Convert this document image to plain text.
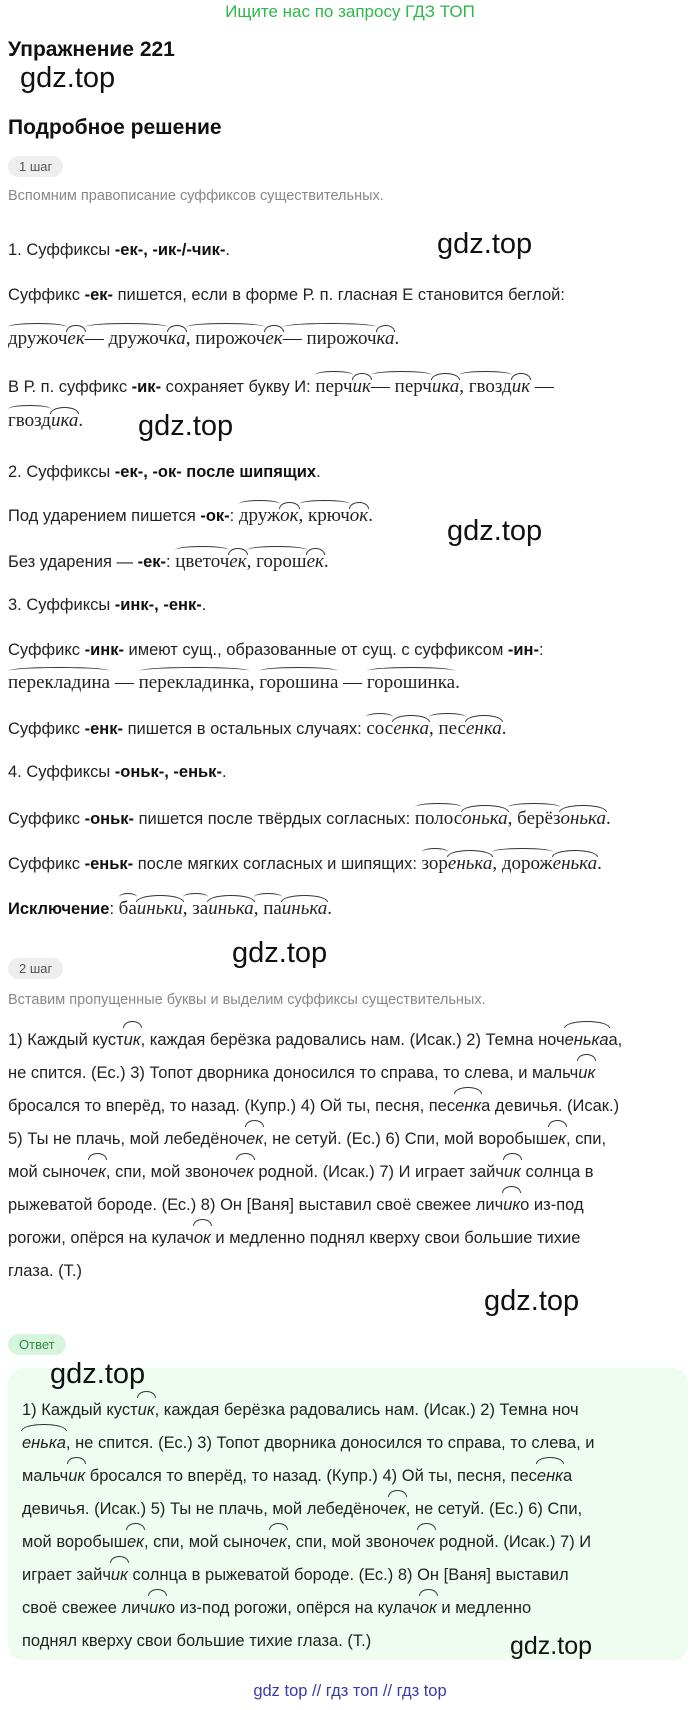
Ищите нас по запросу ГДЗ ТОП
Упражнение 221
gdz.top
Подробное решение
1 шаг
Вспомним правописание суффиксов существительных.
gdz.top
1. Суффиксы -ек-, -ик-/-чик-.
Суффикс -ек- пишется, если в форме Р. п. гласная Е становится беглой:
дружочек— дружочка, пирожочек— пирожочка.
В Р. п. суффикс -ик- сохраняет букву И: перчик— перчика, гвоздик —
гвоздика. gdz.top
2. Суффиксы -ек-, -ок- после шипящих.
Под ударением пишется -ок-: дружок, крючок.	gdz.top
Без ударения — -ек-: цветочек, горошек.
3. Суффиксы -инк-, -енк-.
Суффикс -инк- имеют сущ., образованные от сущ. с суффиксом -ин-:
перекладина — перекладинка, горошина — горошинка.
Суффикс -енк- пишется в остальных случаях: сосенка, песенка.
4. Суффиксы -оньк-, -еньк-.
Суффикс -оньк- пишется после твёрдых согласных: полосонька, берёзонька.
Суффикс -еньк- после мягких согласных и шипящих: зоренька, дороженька.
Исключение: баиньки, заинька, паинька.
gdz.top
2 шаг
Вставим пропущенные буквы и выделим суффиксы существительных.
1) Каждый кустик, каждая берёзка радовались нам. (Исак.) 2) Темна ноченькаа,
не спится. (Ес.) 3) Топот дворника доносился то справа, то слева, и мальчик
бросался то вперёд, то назад. (Купр.) 4) Ой ты, песня, песенка девичья. (Исак.)
5) Ты не плачь, мой лебедёночек, не сетуй. (Ес.) 6) Спи, мой воробышек, спи,
мой сыночек, спи, мой звоночек родной. (Исак.) 7) И играет зайчик солнца в
рыжеватой бороде. (Ес.) 8) Он [Ваня] выставил своё свежее личико из-под
рогожи, опёрся на кулачок и медленно поднял кверху свои большие тихие
глаза. (Т.)
gdz.top
Ответ
gdz.top
1) Каждый кустик, каждая берёзка радовались нам. (Исак.) 2) Темна ноч
енька, не спится. (Ес.) 3) Топот дворника доносился то справа, то слева, и
мальчик бросался то вперёд, то назад. (Купр.) 4) Ой ты, песня, песенка
девичья. (Исак.) 5) Ты не плачь, мой лебедёночек, не сетуй. (Ес.) 6) Спи,
мой воробышек, спи, мой сыночек, спи, мой звоночек родной. (Исак.) 7) И
играет зайчик солнца в рыжеватой бороде. (Ес.) 8) Он [Ваня] выставил
своё свежее личико из-под рогожи, опёрся на кулачок и медленно
поднял кверху свои большие тихие глаза. (Т.)	gdz.top
gdz top // гдз топ // гдз top
